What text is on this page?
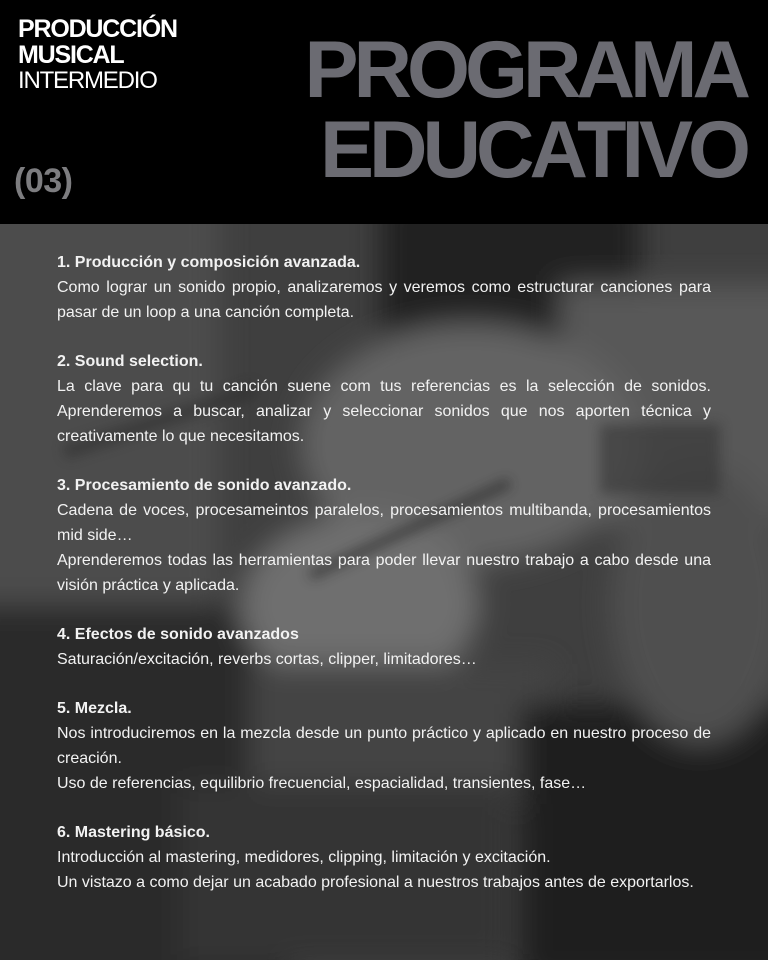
PRODUCCIÓN
MUSICAL
INTERMEDIO
(03)
PROGRAMA
EDUCATIVO
1. Producción y composición avanzada.

Como lograr un sonido propio, analizaremos y veremos como estructurar canciones para pasar de un loop a una canción completa.

2. Sound selection.

La clave para qu tu canción suene com tus referencias es la selección de sonidos. Aprenderemos a buscar, analizar y seleccionar sonidos que nos aporten técnica y creativamente lo que necesitamos.

3. Procesamiento de sonido avanzado.

Cadena de voces, procesameintos paralelos, procesamientos multibanda, procesamientos mid side…

Aprenderemos todas las herramientas para poder llevar nuestro trabajo a cabo desde una visión práctica y aplicada.

4. Efectos de sonido avanzados

Saturación/excitación, reverbs cortas, clipper, limitadores…

5. Mezcla.

Nos introduciremos en la mezcla desde un punto práctico y aplicado en nuestro proceso de creación.

Uso de referencias, equilibrio frecuencial, espacialidad, transientes, fase…

6. Mastering básico.

Introducción al mastering, medidores, clipping, limitación y excitación.

Un vistazo a como dejar un acabado profesional a nuestros trabajos antes de exportarlos.
